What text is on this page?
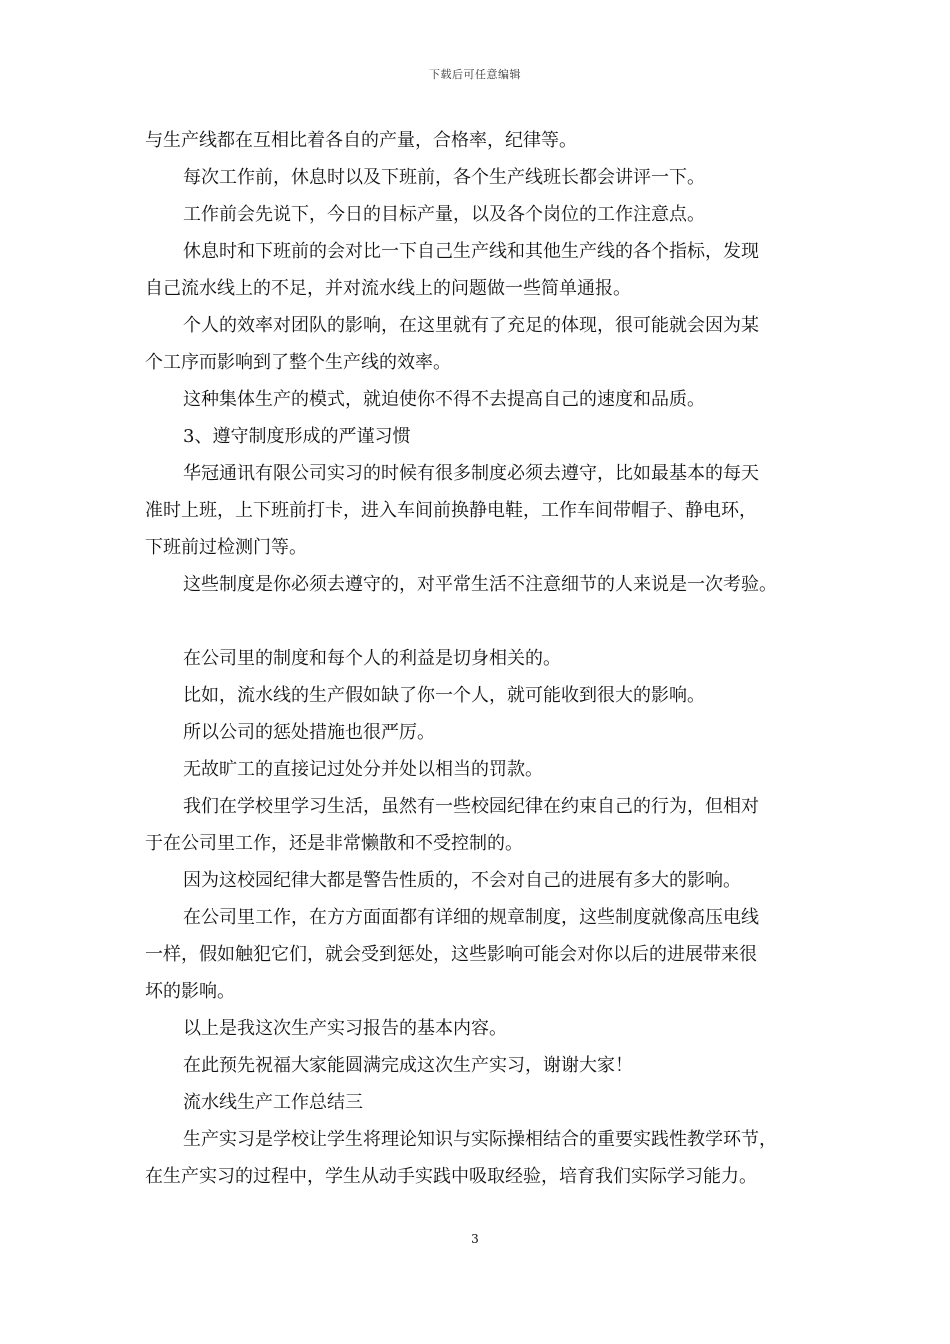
下载后可任意编辑

与生产线都在互相比着各自的产量，合格率，纪律等。

每次工作前，休息时以及下班前，各个生产线班长都会讲评一下。

工作前会先说下，今日的目标产量，以及各个岗位的工作注意点。

休息时和下班前的会对比一下自己生产线和其他生产线的各个指标，发现
自己流水线上的不足，并对流水线上的问题做一些简单通报。

个人的效率对团队的影响，在这里就有了充足的体现，很可能就会因为某
个工序而影响到了整个生产线的效率。

这种集体生产的模式，就迫使你不得不去提高自己的速度和品质。

3、遵守制度形成的严谨习惯

华冠通讯有限公司实习的时候有很多制度必须去遵守，比如最基本的每天
准时上班，上下班前打卡，进入车间前换静电鞋，工作车间带帽子、静电环，
下班前过检测门等。

这些制度是你必须去遵守的，对平常生活不注意细节的人来说是一次考验。

在公司里的制度和每个人的利益是切身相关的。

比如，流水线的生产假如缺了你一个人，就可能收到很大的影响。

所以公司的惩处措施也很严厉。

无故旷工的直接记过处分并处以相当的罚款。

我们在学校里学习生活，虽然有一些校园纪律在约束自己的行为，但相对
于在公司里工作，还是非常懒散和不受控制的。

因为这校园纪律大都是警告性质的，不会对自己的进展有多大的影响。

在公司里工作，在方方面面都有详细的规章制度，这些制度就像高压电线
一样，假如触犯它们，就会受到惩处，这些影响可能会对你以后的进展带来很
坏的影响。

以上是我这次生产实习报告的基本内容。

在此预先祝福大家能圆满完成这次生产实习，谢谢大家！

流水线生产工作总结三

生产实习是学校让学生将理论知识与实际操相结合的重要实践性教学环节，
在生产实习的过程中，学生从动手实践中吸取经验，培育我们实际学习能力。

3
